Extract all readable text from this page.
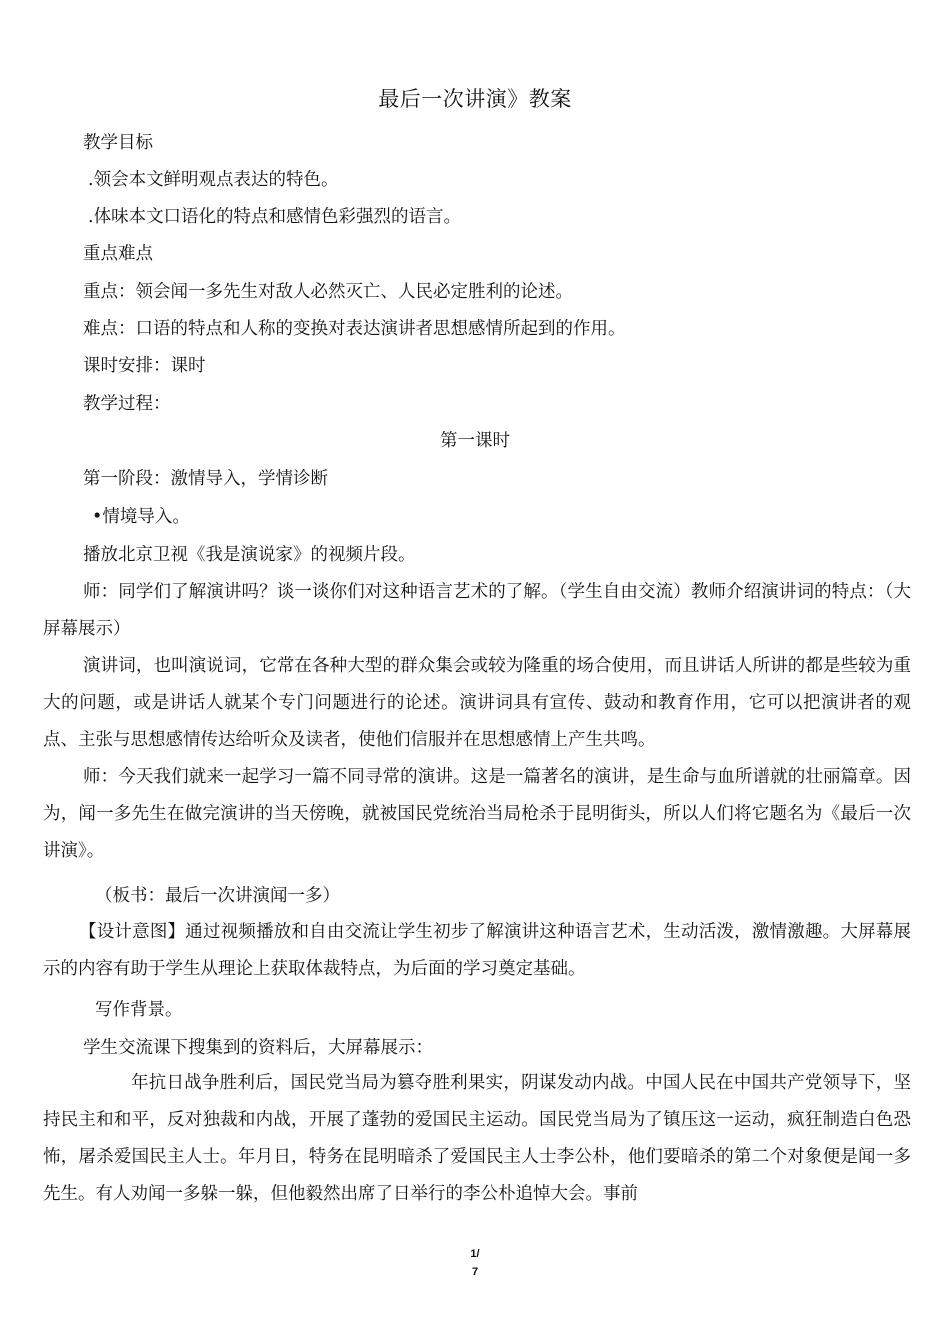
最后一次讲演》教案
教学目标
.领会本文鲜明观点表达的特色。
.体味本文口语化的特点和感情色彩强烈的语言。
重点难点
重点：领会闻一多先生对敌人必然灭亡、人民必定胜利的论述。
难点：口语的特点和人称的变换对表达演讲者思想感情所起到的作用。
课时安排：课时
教学过程：
第一课时
第一阶段：激情导入，学情诊断
•情境导入。
播放北京卫视《我是演说家》的视频片段。
师：同学们了解演讲吗？谈一谈你们对这种语言艺术的了解。（学生自由交流）教师介绍演讲词的特点：（大屏幕展示）
演讲词，也叫演说词，它常在各种大型的群众集会或较为隆重的场合使用，而且讲话人所讲的都是些较为重大的问题，或是讲话人就某个专门问题进行的论述。演讲词具有宣传、鼓动和教育作用，它可以把演讲者的观点、主张与思想感情传达给听众及读者，使他们信服并在思想感情上产生共鸣。
师：今天我们就来一起学习一篇不同寻常的演讲。这是一篇著名的演讲，是生命与血所谱就的壮丽篇章。因为，闻一多先生在做完演讲的当天傍晚，就被国民党统治当局枪杀于昆明街头，所以人们将它题名为《最后一次讲演》。
（板书：最后一次讲演闻一多）
【设计意图】通过视频播放和自由交流让学生初步了解演讲这种语言艺术，生动活泼，激情激趣。大屏幕展示的内容有助于学生从理论上获取体裁特点，为后面的学习奠定基础。
写作背景。
学生交流课下搜集到的资料后，大屏幕展示：
年抗日战争胜利后，国民党当局为篡夺胜利果实，阴谋发动内战。中国人民在中国共产党领导下，坚持民主和和平，反对独裁和内战，开展了蓬勃的爱国民主运动。国民党当局为了镇压这一运动，疯狂制造白色恐怖，屠杀爱国民主人士。年月日，特务在昆明暗杀了爱国民主人士李公朴，他们要暗杀的第二个对象便是闻一多先生。有人劝闻一多躲一躲，但他毅然出席了日举行的李公朴追悼大会。事前
1/
7
